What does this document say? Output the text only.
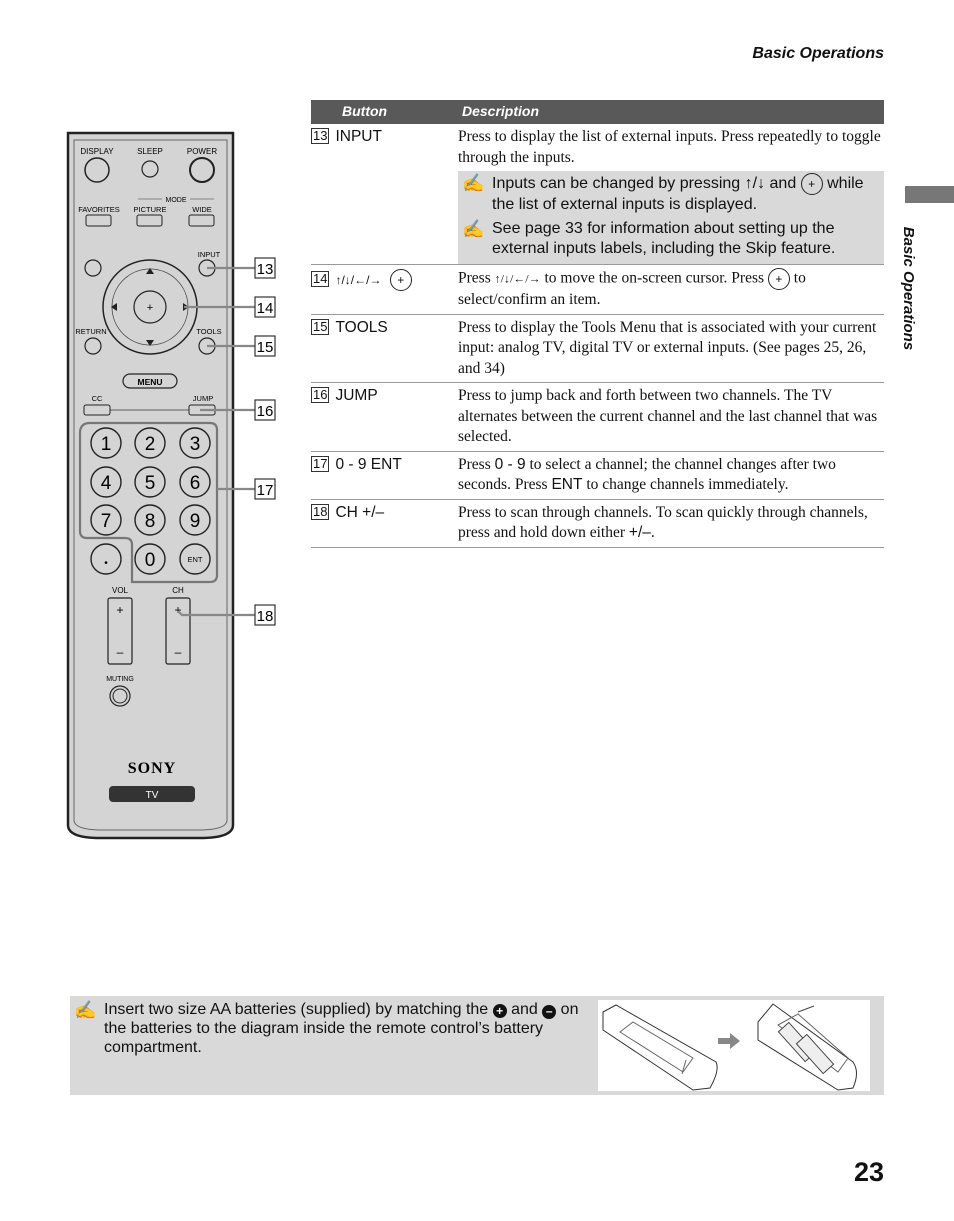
Basic Operations
Basic Operations
DISPLAY	SLEEP	POWER
MODE
FAVORITES PICTURE	WIDE
INPUT
+
RETURN	TOOLS
MENU
CC	JUMP
1 2 3
4 5 6
7 8 9
• 0	ENT
VOL	CH
+
–
+
–
MUTING
SONY
TV
13
14
15
16
17
18
Button	Description
13 INPUT	Press to display the list of external inputs. Press repeatedly to toggle through the inputs.
✍ Inputs can be changed by pressing ↑/↓ and + while the list of external inputs is displayed.
✍ See page 33 for information about setting up the external inputs labels, including the Skip feature.
14 ↑/↓/←/→ +	Press ↑/↓/←/→ to move the on-screen cursor. Press + to select/confirm an item.
15 TOOLS	Press to display the Tools Menu that is associated with your current input: analog TV, digital TV or external inputs. (See pages 25, 26, and 34)
16 JUMP	Press to jump back and forth between two channels. The TV alternates between the current channel and the last channel that was selected.
17 0 - 9 ENT	Press 0 - 9 to select a channel; the channel changes after two seconds. Press ENT to change channels immediately.
18 CH +/–	Press to scan through channels. To scan quickly through channels, press and hold down either +/–.
✍ Insert two size AA batteries (supplied) by matching the + and – on the batteries to the diagram inside the remote control’s battery compartment.
23
